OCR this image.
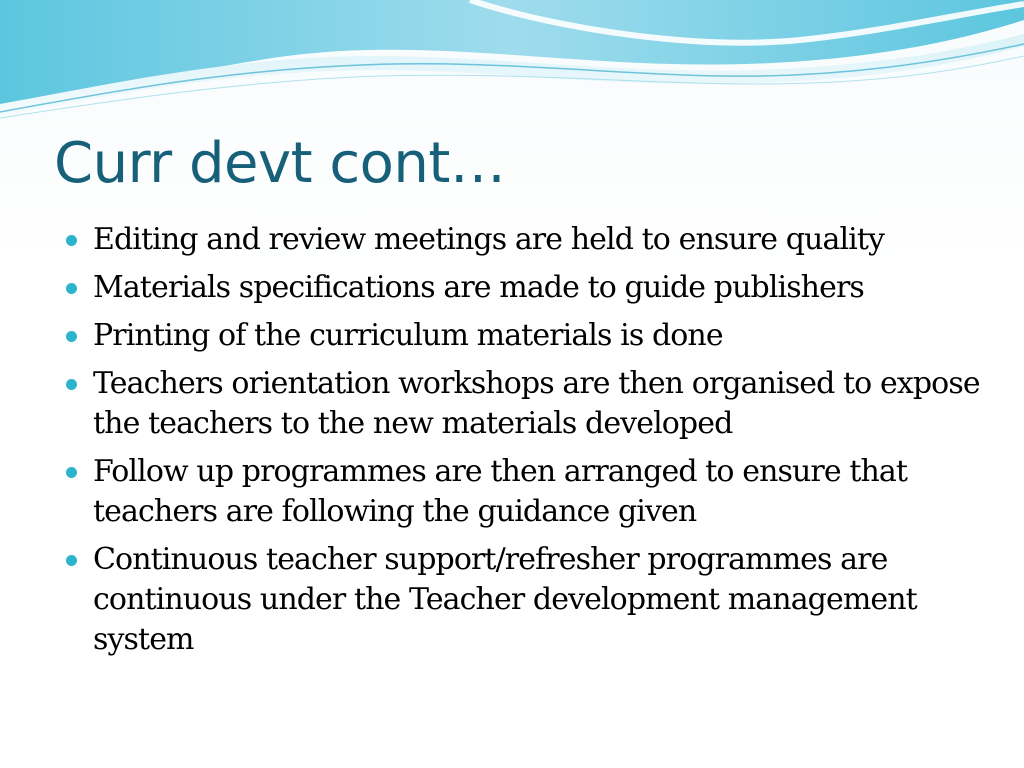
Curr devt cont…
Editing and review meetings are held to ensure quality
Materials specifications are made to guide publishers
Printing of the curriculum materials is done
Teachers orientation workshops are then organised to expose the teachers to the new materials developed
Follow up programmes are then arranged to ensure that teachers are following the guidance given
Continuous teacher support/refresher programmes are continuous under the Teacher development management system
